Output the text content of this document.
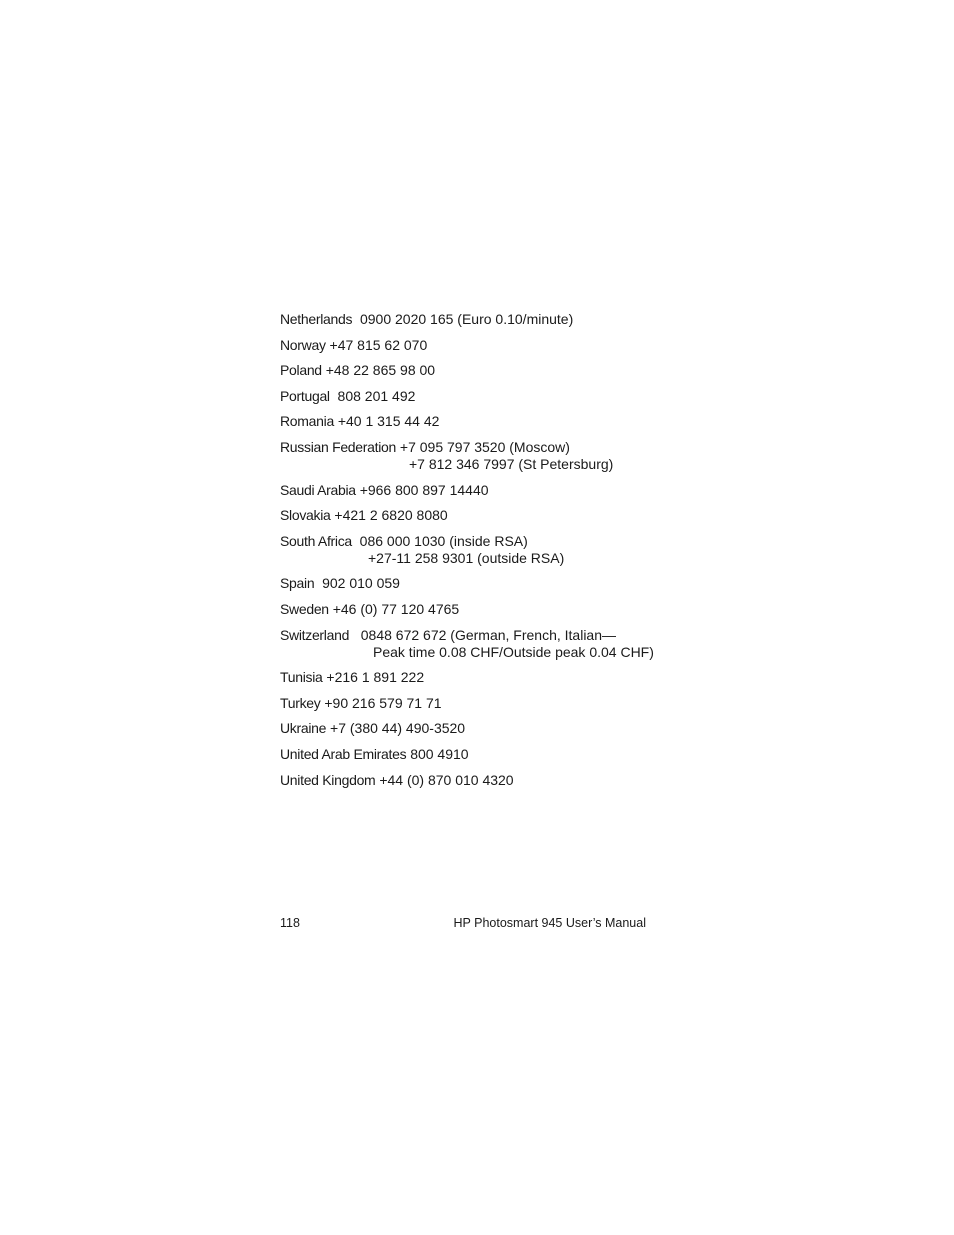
Netherlands 0900 2020 165 (Euro 0.10/minute)
Norway +47 815 62 070
Poland +48 22 865 98 00
Portugal 808 201 492
Romania +40 1 315 44 42
Russian Federation +7 095 797 3520 (Moscow)
+7 812 346 7997 (St Petersburg)
Saudi Arabia +966 800 897 14440
Slovakia +421 2 6820 8080
South Africa 086 000 1030 (inside RSA)
+27-11 258 9301 (outside RSA)
Spain 902 010 059
Sweden +46 (0) 77 120 4765
Switzerland 0848 672 672 (German, French, Italian—
Peak time 0.08 CHF/Outside peak 0.04 CHF)
Tunisia +216 1 891 222
Turkey +90 216 579 71 71
Ukraine +7 (380 44) 490-3520
United Arab Emirates 800 4910
United Kingdom +44 (0) 870 010 4320
118	HP Photosmart 945 User’s Manual
